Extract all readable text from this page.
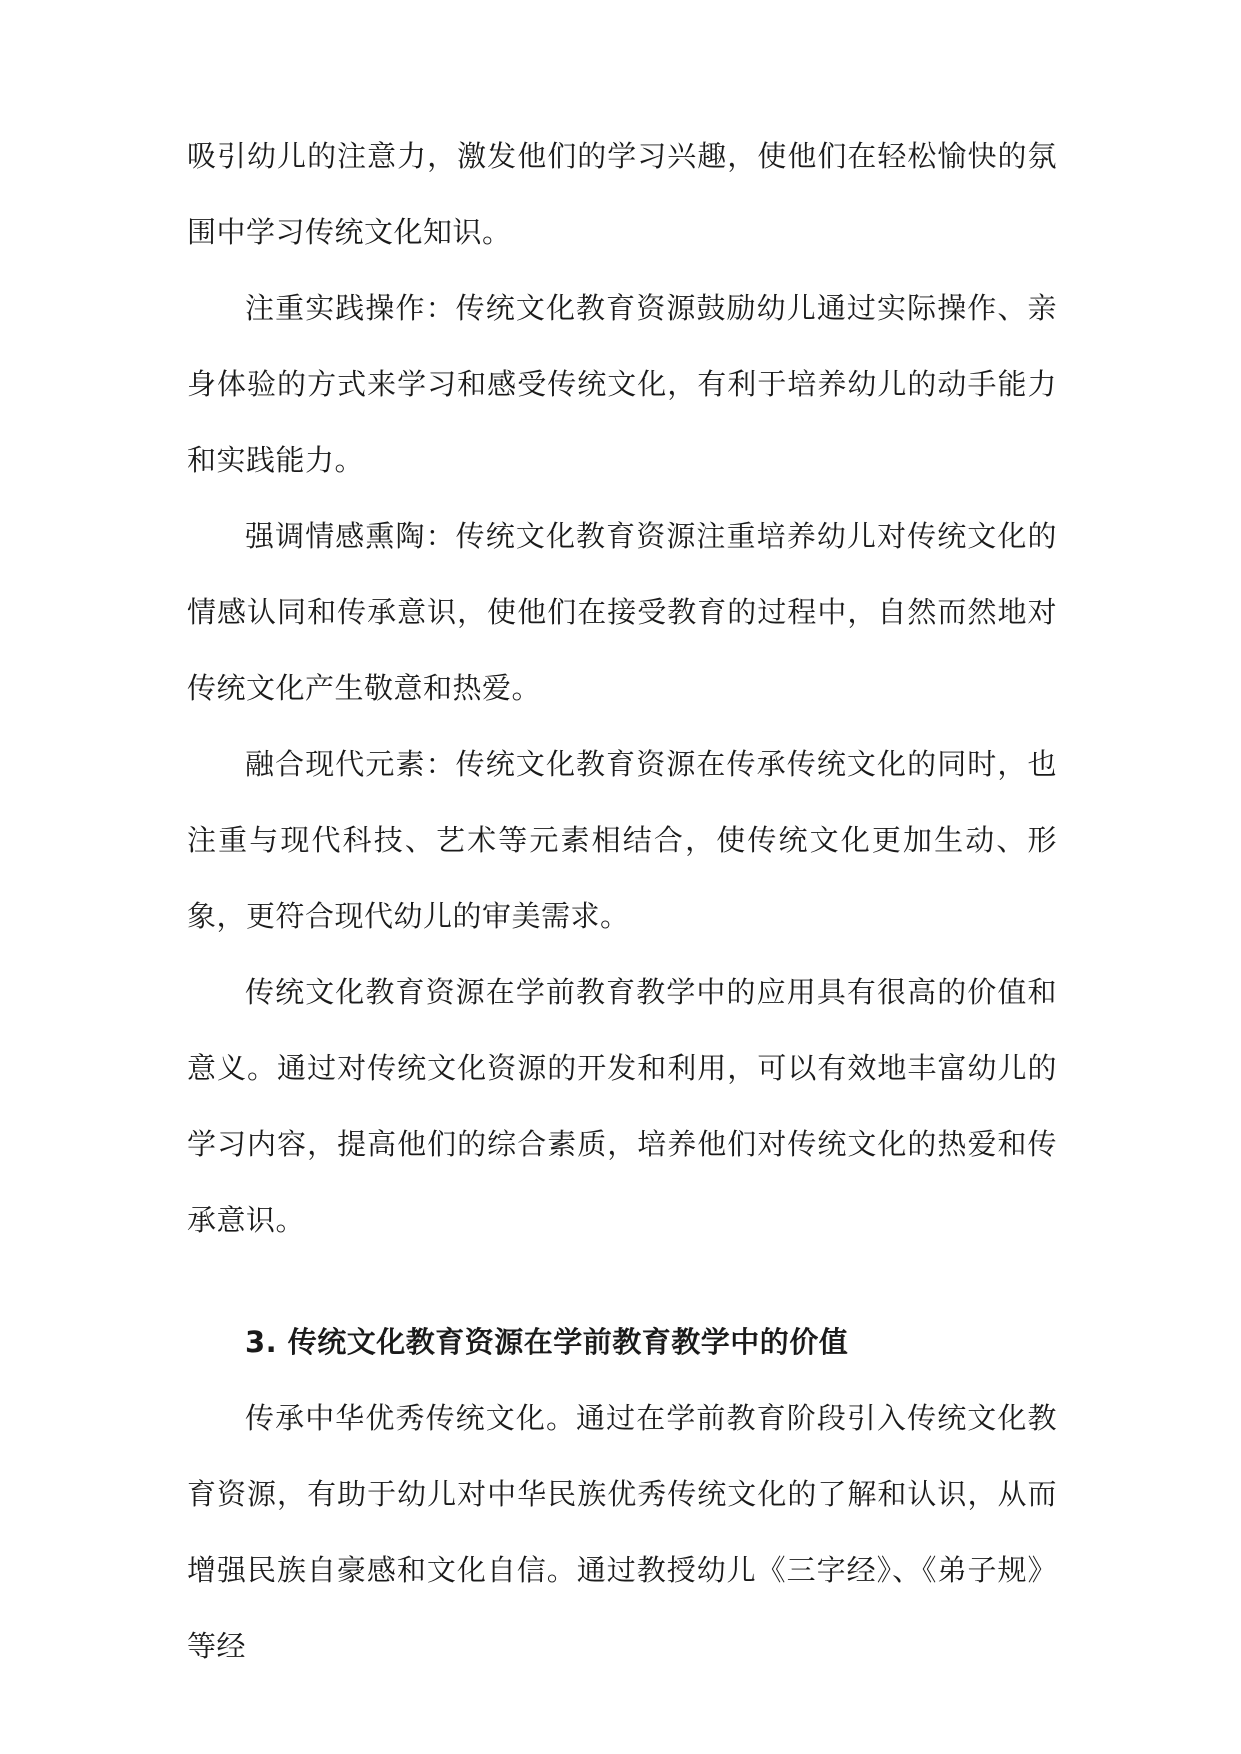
吸引幼儿的注意力，激发他们的学习兴趣，使他们在轻松愉快的氛围中学习传统文化知识。

注重实践操作：传统文化教育资源鼓励幼儿通过实际操作、亲身体验的方式来学习和感受传统文化，有利于培养幼儿的动手能力和实践能力。

强调情感熏陶：传统文化教育资源注重培养幼儿对传统文化的情感认同和传承意识，使他们在接受教育的过程中，自然而然地对传统文化产生敬意和热爱。

融合现代元素：传统文化教育资源在传承传统文化的同时，也注重与现代科技、艺术等元素相结合，使传统文化更加生动、形象，更符合现代幼儿的审美需求。

传统文化教育资源在学前教育教学中的应用具有很高的价值和意义。通过对传统文化资源的开发和利用，可以有效地丰富幼儿的学习内容，提高他们的综合素质，培养他们对传统文化的热爱和传承意识。

3. 传统文化教育资源在学前教育教学中的价值

传承中华优秀传统文化。通过在学前教育阶段引入传统文化教育资源，有助于幼儿对中华民族优秀传统文化的了解和认识，从而增强民族自豪感和文化自信。通过教授幼儿《三字经》、《弟子规》等经
